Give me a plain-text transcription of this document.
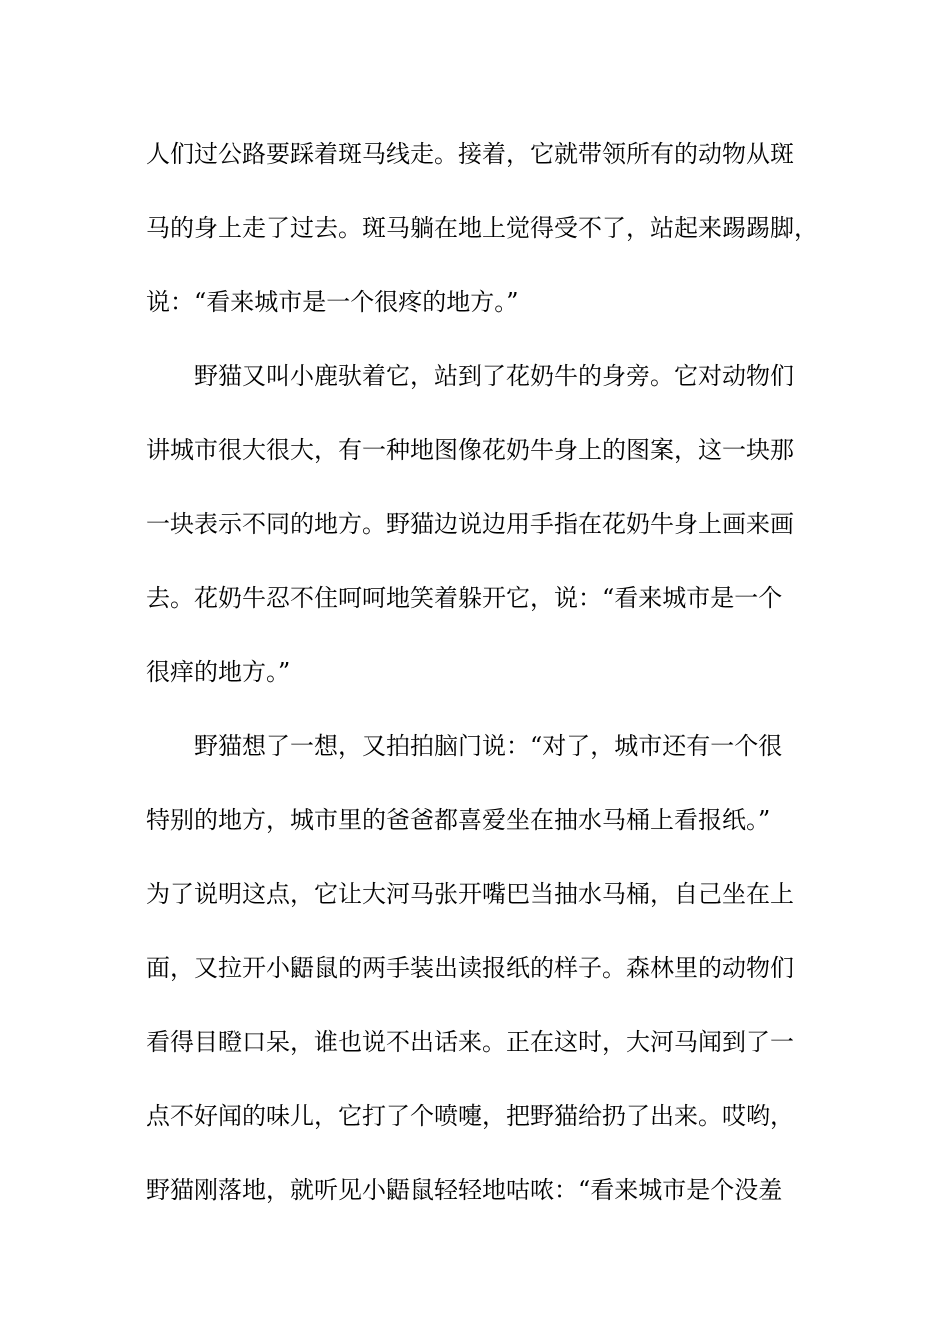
人们过公路要踩着斑马线走。接着，它就带领所有的动物从斑
马的身上走了过去。斑马躺在地上觉得受不了，站起来踢踢脚，
说：“看来城市是一个很疼的地方。”
野猫又叫小鹿驮着它，站到了花奶牛的身旁。它对动物们
讲城市很大很大，有一种地图像花奶牛身上的图案，这一块那
一块表示不同的地方。野猫边说边用手指在花奶牛身上画来画
去。花奶牛忍不住呵呵地笑着躲开它，说：“看来城市是一个
很痒的地方。”
野猫想了一想，又拍拍脑门说：“对了，城市还有一个很
特别的地方，城市里的爸爸都喜爱坐在抽水马桶上看报纸。”
为了说明这点，它让大河马张开嘴巴当抽水马桶，自己坐在上
面，又拉开小鼯鼠的两手装出读报纸的样子。森林里的动物们
看得目瞪口呆，谁也说不出话来。正在这时，大河马闻到了一
点不好闻的味儿，它打了个喷嚏，把野猫给扔了出来。哎哟，
野猫刚落地，就听见小鼯鼠轻轻地咕哝：“看来城市是个没羞
